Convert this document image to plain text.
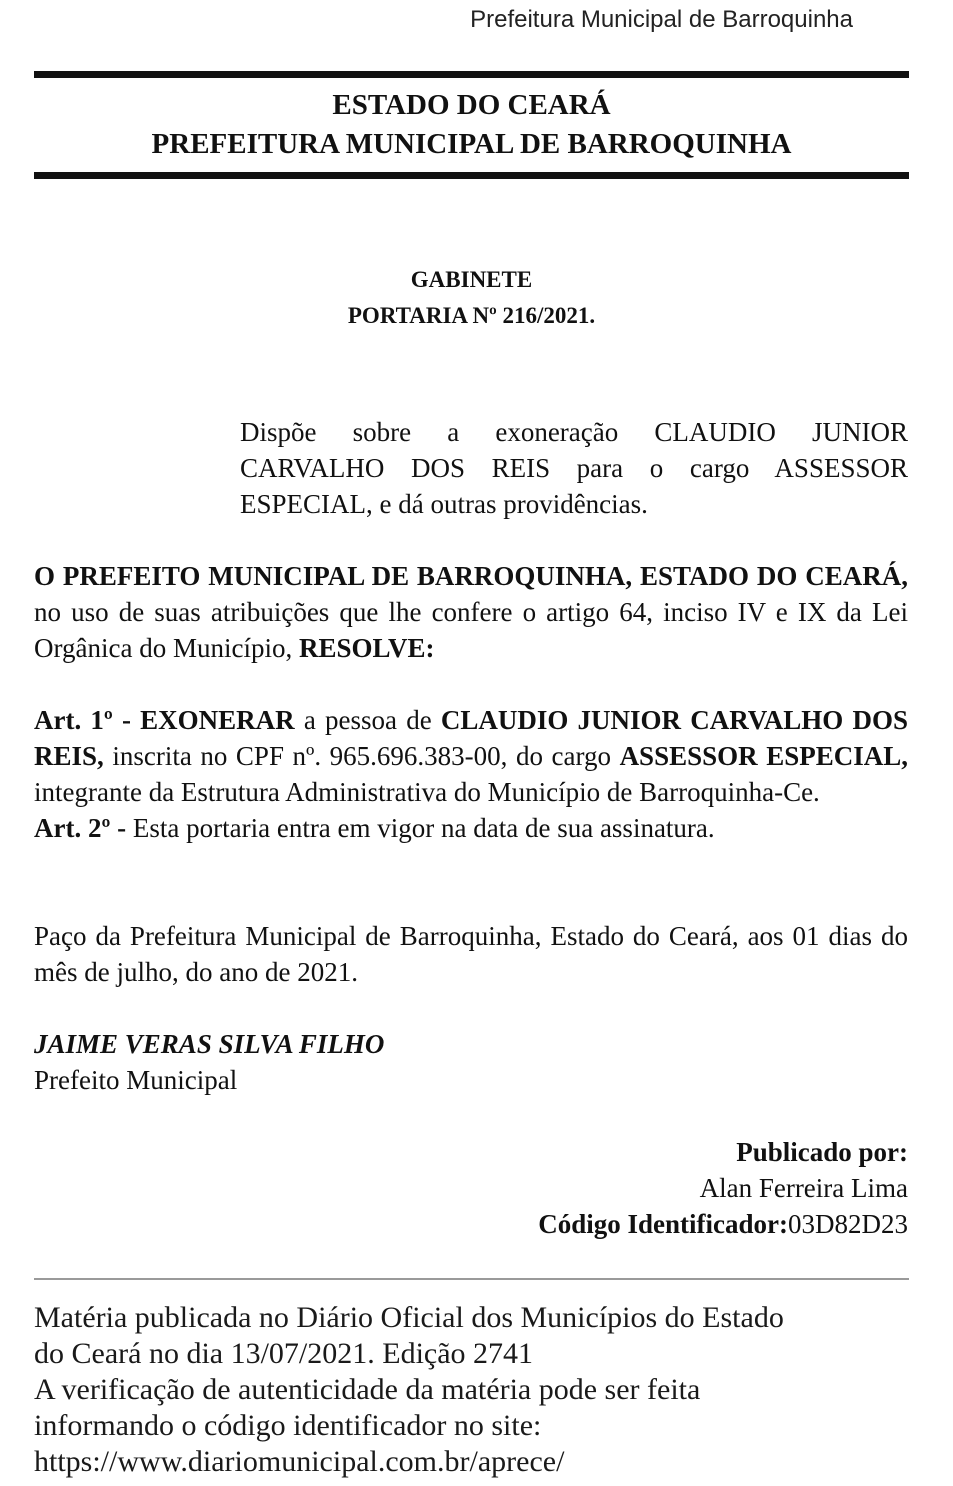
Prefeitura Municipal de Barroquinha
ESTADO DO CEARÁ
PREFEITURA MUNICIPAL DE BARROQUINHA
GABINETE
PORTARIA Nº 216/2021.
Dispõe sobre a exoneração CLAUDIO JUNIOR
CARVALHO DOS REIS para o cargo ASSESSOR
ESPECIAL, e dá outras providências.
O PREFEITO MUNICIPAL DE BARROQUINHA, ESTADO DO CEARÁ, no uso de suas atribuições que lhe confere o artigo 64, inciso IV e IX da Lei Orgânica do Município, RESOLVE:
Art. 1º - EXONERAR a pessoa de CLAUDIO JUNIOR CARVALHO DOS REIS, inscrita no CPF nº. 965.696.383-00, do cargo ASSESSOR ESPECIAL, integrante da Estrutura Administrativa do Município de Barroquinha-Ce.
Art. 2º - Esta portaria entra em vigor na data de sua assinatura.
Paço da Prefeitura Municipal de Barroquinha, Estado do Ceará, aos 01 dias do mês de julho, do ano de 2021.
JAIME VERAS SILVA FILHO
Prefeito Municipal
Publicado por:
Alan Ferreira Lima
Código Identificador:03D82D23
Matéria publicada no Diário Oficial dos Municípios do Estado
do Ceará no dia 13/07/2021. Edição 2741
A verificação de autenticidade da matéria pode ser feita
informando o código identificador no site:
https://www.diariomunicipal.com.br/aprece/
